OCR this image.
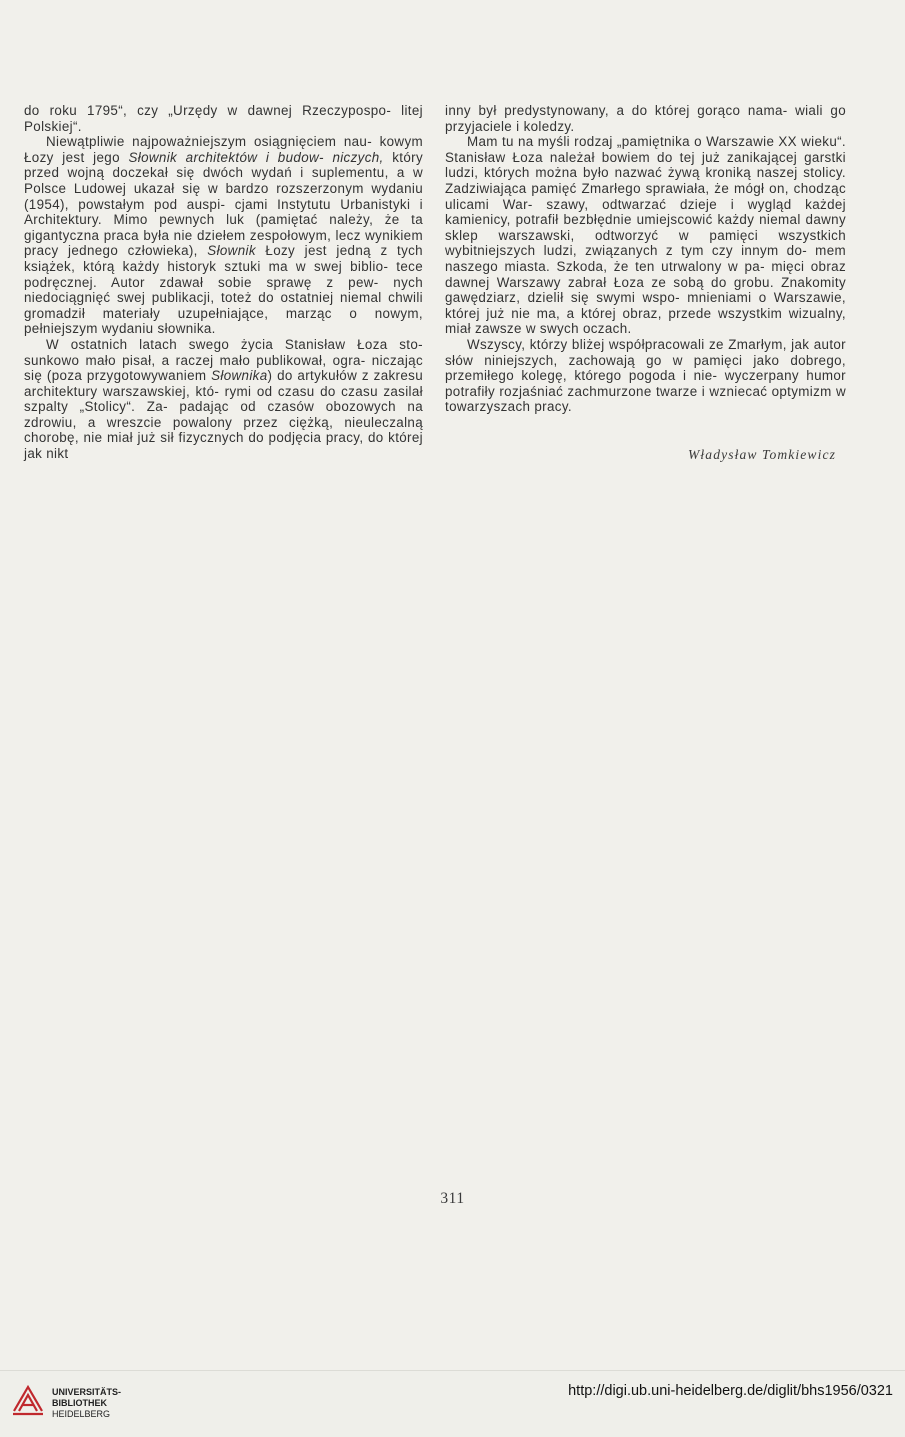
do roku 1795“, czy „Urzędy w dawnej Rzeczypospo- litej Polskiej“.

Niewątpliwie najpoważniejszym osiągnięciem nau- kowym Łozy jest jego Słownik architektów i budow- niczych, który przed wojną doczekał się dwóch wydań i suplementu, a w Polsce Ludowej ukazał się w bardzo rozszerzonym wydaniu (1954), powstałym pod auspi- cjami Instytutu Urbanistyki i Architektury. Mimo pewnych luk (pamiętać należy, że ta gigantyczna praca była nie dziełem zespołowym, lecz wynikiem pracy jednego człowieka), Słownik Łozy jest jedną z tych książek, którą każdy historyk sztuki ma w swej biblio- tece podręcznej. Autor zdawał sobie sprawę z pew- nych niedociągnięć swej publikacji, toteż do ostatniej niemal chwili gromadził materiały uzupełniające, marząc o nowym, pełniejszym wydaniu słownika.

W ostatnich latach swego życia Stanisław Łoza sto- sunkowo mało pisał, a raczej mało publikował, ogra- niczając się (poza przygotowywaniem Słownika) do artykułów z zakresu architektury warszawskiej, któ- rymi od czasu do czasu zasilał szpalty „Stolicy“. Za- padając od czasów obozowych na zdrowiu, a wreszcie powalony przez ciężką, nieuleczalną chorobę, nie miał już sił fizycznych do podjęcia pracy, do której jak nikt

inny był predystynowany, a do której gorąco nama- wiali go przyjaciele i koledzy.

Mam tu na myśli rodzaj „pamiętnika o Warszawie XX wieku“. Stanisław Łoza należał bowiem do tej już zanikającej garstki ludzi, których można było nazwać żywą kroniką naszej stolicy. Zadziwiająca pamięć Zmarłego sprawiała, że mógł on, chodząc ulicami War- szawy, odtwarzać dzieje i wygląd każdej kamienicy, potrafił bezbłędnie umiejscowić każdy niemal dawny sklep warszawski, odtworzyć w pamięci wszystkich wybitniejszych ludzi, związanych z tym czy innym do- mem naszego miasta. Szkoda, że ten utrwalony w pa- mięci obraz dawnej Warszawy zabrał Łoza ze sobą do grobu. Znakomity gawędziarz, dzielił się swymi wspo- mnieniami o Warszawie, której już nie ma, a której obraz, przede wszystkim wizualny, miał zawsze w swych oczach.

Wszyscy, którzy bliżej współpracowali ze Zmarłym, jak autor słów niniejszych, zachowają go w pamięci jako dobrego, przemiłego kolegę, którego pogoda i nie- wyczerpany humor potrafiły rozjaśniać zachmurzone twarze i wzniecać optymizm w towarzyszach pracy.

Władysław Tomkiewicz
311
UNIVERSITÄTS-
BIBLIOTHEK
HEIDELBERG
http://digi.ub.uni-heidelberg.de/diglit/bhs1956/0321
